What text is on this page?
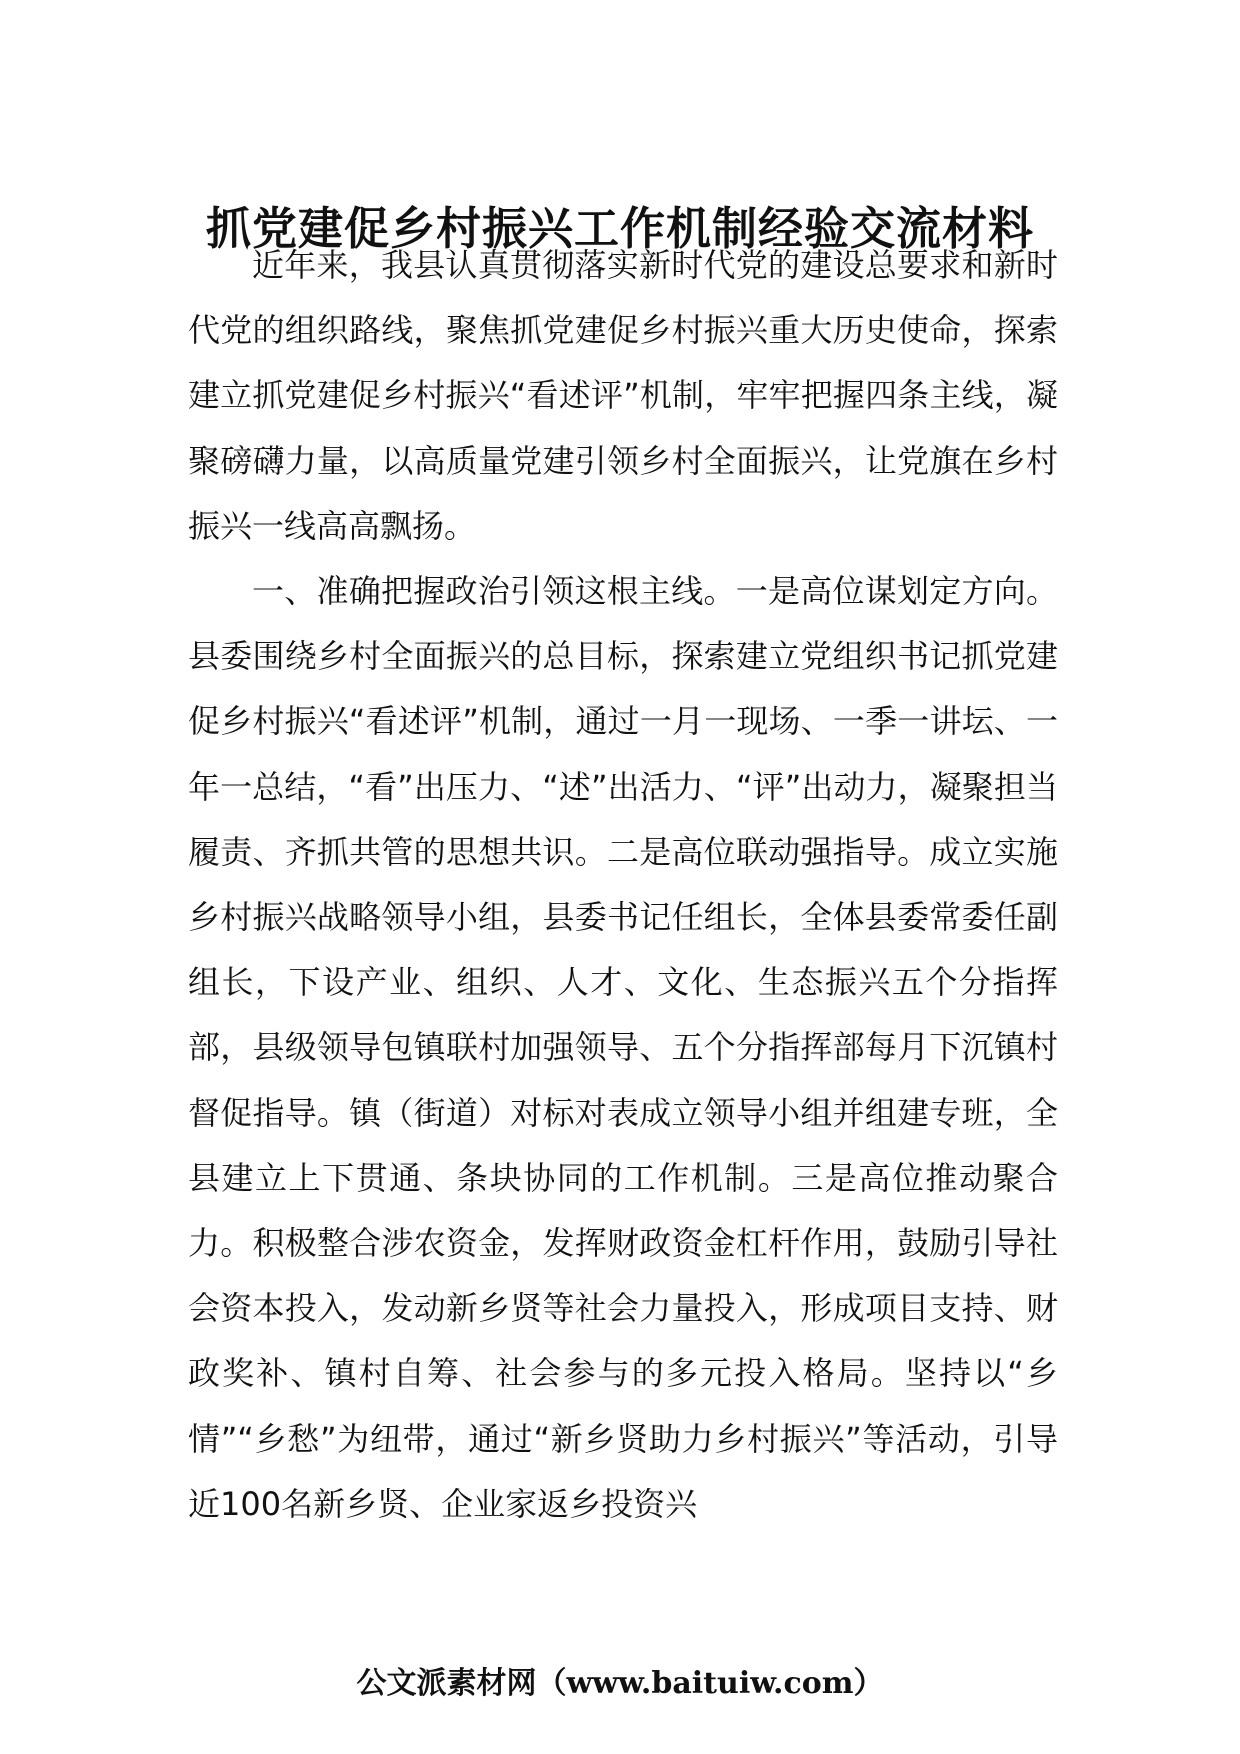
抓党建促乡村振兴工作机制经验交流材料

近年来，我县认真贯彻落实新时代党的建设总要求和新时代党的组织路线，聚焦抓党建促乡村振兴重大历史使命，探索建立抓党建促乡村振兴“看述评”机制，牢牢把握四条主线，凝聚磅礴力量，以高质量党建引领乡村全面振兴，让党旗在乡村振兴一线高高飘扬。

一、准确把握政治引领这根主线。一是高位谋划定方向。县委围绕乡村全面振兴的总目标，探索建立党组织书记抓党建促乡村振兴“看述评”机制，通过一月一现场、一季一讲坛、一年一总结，“看”出压力、“述”出活力、“评”出动力，凝聚担当履责、齐抓共管的思想共识。二是高位联动强指导。成立实施乡村振兴战略领导小组，县委书记任组长，全体县委常委任副组长，下设产业、组织、人才、文化、生态振兴五个分指挥部，县级领导包镇联村加强领导、五个分指挥部每月下沉镇村督促指导。镇（街道）对标对表成立领导小组并组建专班，全县建立上下贯通、条块协同的工作机制。三是高位推动聚合力。积极整合涉农资金，发挥财政资金杠杆作用，鼓励引导社会资本投入，发动新乡贤等社会力量投入，形成项目支持、财政奖补、镇村自筹、社会参与的多元投入格局。坚持以“乡情”“乡愁”为纽带，通过“新乡贤助力乡村振兴”等活动，引导近100名新乡贤、企业家返乡投资兴

公文派素材网（www.baituiw.com）
